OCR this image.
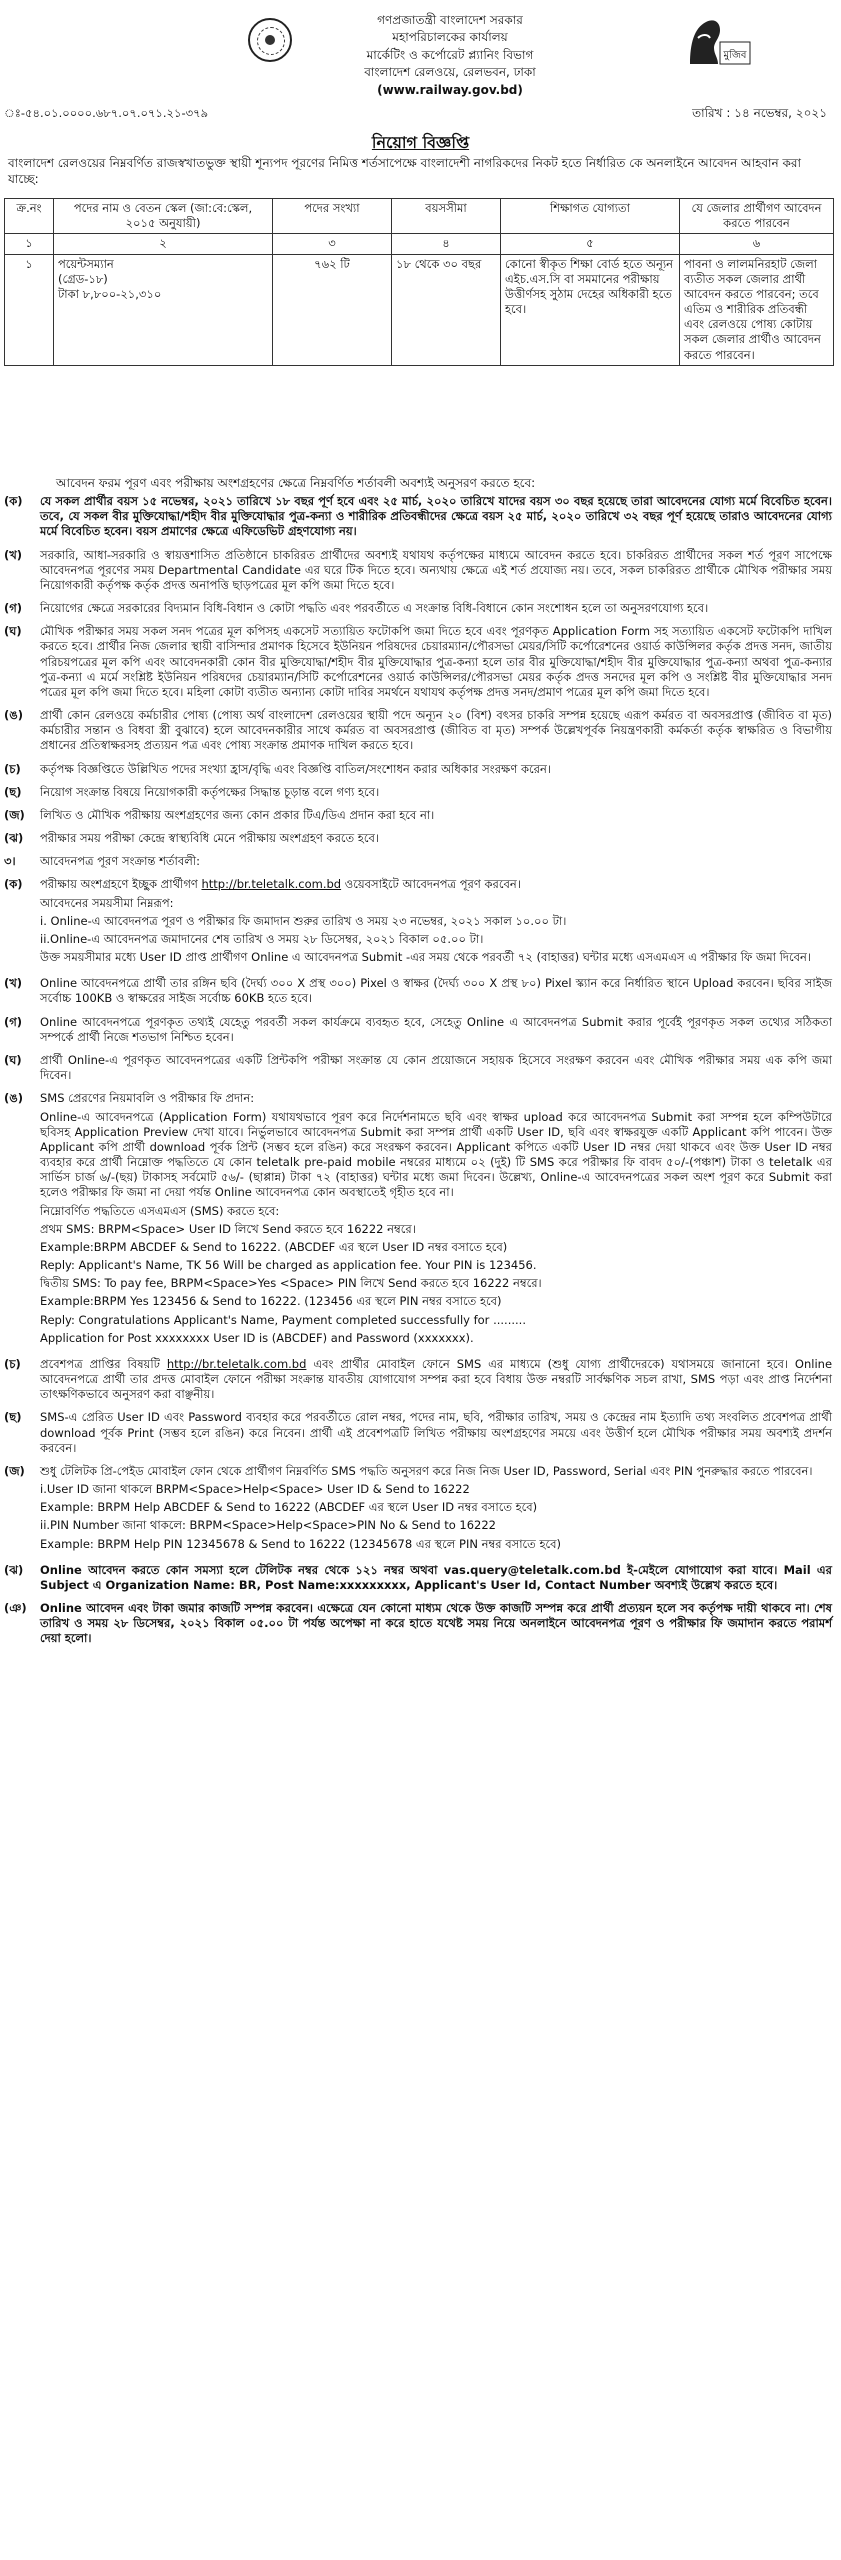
গণপ্রজাতন্ত্রী বাংলাদেশ সরকার
মহাপরিচালকের কার্যালয়
মার্কেটিং ও কর্পোরেট প্ল্যানিং বিভাগ
বাংলাদেশ রেলওয়ে, রেলভবন, ঢাকা
(www.railway.gov.bd)
মুজিব
ঃ-৫৪.০১.০০০০.৬৮৭.০৭.০৭১.২১-৩৭৯	তারিখ : ১৪ নভেম্বর, ২০২১
নিয়োগ বিজ্ঞপ্তি
বাংলাদেশ রেলওয়ের নিম্নবর্ণিত রাজস্বখাতভুক্ত স্থায়ী শূন্যপদ পূরণের নিমিত্ত শর্তসাপেক্ষে বাংলাদেশী নাগরিকদের নিকট হতে নির্ধারিত কে অনলাইনে আবেদন আহবান করা যাচ্ছে:
ক্র.নং	পদের নাম ও বেতন স্কেল (জা:বে:স্কেল, ২০১৫ অনুযায়ী)	পদের সংখ্যা	বয়সসীমা	শিক্ষাগত যোগ্যতা	যে জেলার প্রার্থীগণ আবেদন করতে পারবেন
১	২	৩	৪	৫	৬
১	পয়েন্টসম্যান
(গ্রেড-১৮)
টাকা ৮,৮০০-২১,৩১০	৭৬২ টি	১৮ থেকে ৩০ বছর	কোনো স্বীকৃত শিক্ষা বোর্ড হতে অন্যূন এইচ.এস.সি বা সমমানের পরীক্ষায় উত্তীর্ণসহ সুঠাম দেহের অধিকারী হতে হবে।	পাবনা ও লালমনিরহাট জেলা ব্যতীত সকল জেলার প্রার্থী আবেদন করতে পারবেন; তবে এতিম ও শারীরিক প্রতিবন্ধী এবং রেলওয়ে পোষ্য কোটায় সকল জেলার প্রার্থীও আবেদন করতে পারবেন।
আবেদন ফরম পূরণ এবং পরীক্ষায় অংশগ্রহণের ক্ষেত্রে নিম্নবর্ণিত শর্তাবলী অবশ্যই অনুসরণ করতে হবে:
(ক)	যে সকল প্রার্থীর বয়স ১৫ নভেম্বর, ২০২১ তারিখে ১৮ বছর পূর্ণ হবে এবং ২৫ মার্চ, ২০২০ তারিখে যাদের বয়স ৩০ বছর হয়েছে তারা আবেদনের যোগ্য মর্মে বিবেচিত হবেন। তবে, যে সকল বীর মুক্তিযোদ্ধা/শহীদ বীর মুক্তিযোদ্ধার পুত্র-কন্যা ও শারীরিক প্রতিবন্ধীদের ক্ষেত্রে বয়স ২৫ মার্চ, ২০২০ তারিখে ৩২ বছর পূর্ণ হয়েছে তারাও আবেদনের যোগ্য মর্মে বিবেচিত হবেন। বয়স প্রমাণের ক্ষেত্রে এফিডেভিট গ্রহণযোগ্য নয়।
(খ)	সরকারি, আধা-সরকারি ও স্বায়ত্তশাসিত প্রতিষ্ঠানে চাকরিরত প্রার্থীদের অবশ্যই যথাযথ কর্তৃপক্ষের মাধ্যমে আবেদন করতে হবে। চাকরিরত প্রার্থীদের সকল শর্ত পূরণ সাপেক্ষে আবেদনপত্র পূরণের সময় Departmental Candidate এর ঘরে টিক দিতে হবে। অন্যথায় ক্ষেত্রে এই শর্ত প্রযোজ্য নয়। তবে, সকল চাকরিরত প্রার্থীকে মৌখিক পরীক্ষার সময় নিয়োগকারী কর্তৃপক্ষ কর্তৃক প্রদত্ত অনাপত্তি ছাড়পত্রের মূল কপি জমা দিতে হবে।
(গ)	নিয়োগের ক্ষেত্রে সরকারের বিদ্যমান বিধি-বিধান ও কোটা পদ্ধতি এবং পরবর্তীতে এ সংক্রান্ত বিধি-বিধানে কোন সংশোধন হলে তা অনুসরণযোগ্য হবে।
(ঘ)	মৌখিক পরীক্ষার সময় সকল সনদ পত্রের মূল কপিসহ একসেট সত্যায়িত ফটোকপি জমা দিতে হবে এবং পূরণকৃত Application Form সহ সত্যায়িত একসেট ফটোকপি দাখিল করতে হবে। প্রার্থীর নিজ জেলার স্থায়ী বাসিন্দার প্রমাণক হিসেবে ইউনিয়ন পরিষদের চেয়ারম্যান/পৌরসভা মেয়র/সিটি কর্পোরেশনের ওয়ার্ড কাউন্সিলর কর্তৃক প্রদত্ত সনদ, জাতীয় পরিচয়পত্রের মূল কপি এবং আবেদনকারী কোন বীর মুক্তিযোদ্ধা/শহীদ বীর মুক্তিযোদ্ধার পুত্র-কন্যা হলে তার বীর মুক্তিযোদ্ধা/শহীদ বীর মুক্তিযোদ্ধার পুত্র-কন্যা অথবা পুত্র-কন্যার পুত্র-কন্যা এ মর্মে সংশ্লিষ্ট ইউনিয়ন পরিষদের চেয়ারম্যান/সিটি কর্পোরেশনের ওয়ার্ড কাউন্সিলর/পৌরসভা মেয়র কর্তৃক প্রদত্ত সনদের মূল কপি ও সংশ্লিষ্ট বীর মুক্তিযোদ্ধার সনদ পত্রের মূল কপি জমা দিতে হবে। মহিলা কোটা ব্যতীত অন্যান্য কোটা দাবির সমর্থনে যথাযথ কর্তৃপক্ষ প্রদত্ত সনদ/প্রমাণ পত্রের মূল কপি জমা দিতে হবে।
(ঙ)	প্রার্থী কোন রেলওয়ে কর্মচারীর পোষ্য (পোষ্য অর্থ বাংলাদেশ রেলওয়ের স্থায়ী পদে অন্যূন ২০ (বিশ) বৎসর চাকরি সম্পন্ন হয়েছে এরূপ কর্মরত বা অবসরপ্রাপ্ত (জীবিত বা মৃত) কর্মচারীর সন্তান ও বিধবা স্ত্রী বুঝাবে) হলে আবেদনকারীর সাথে কর্মরত বা অবসরপ্রাপ্ত (জীবিত বা মৃত) সম্পর্ক উল্লেখপূর্বক নিয়ন্ত্রণকারী কর্মকর্তা কর্তৃক স্বাক্ষরিত ও বিভাগীয় প্রধানের প্রতিস্বাক্ষরসহ প্রত্যয়ন পত্র এবং পোষ্য সংক্রান্ত প্রমাণক দাখিল করতে হবে।
(চ)	কর্তৃপক্ষ বিজ্ঞপ্তিতে উল্লিখিত পদের সংখ্যা হ্রাস/বৃদ্ধি এবং বিজ্ঞপ্তি বাতিল/সংশোধন করার অধিকার সংরক্ষণ করেন।
(ছ)	নিয়োগ সংক্রান্ত বিষয়ে নিয়োগকারী কর্তৃপক্ষের সিদ্ধান্ত চূড়ান্ত বলে গণ্য হবে।
(জ)	লিখিত ও মৌখিক পরীক্ষায় অংশগ্রহণের জন্য কোন প্রকার টিএ/ডিএ প্রদান করা হবে না।
(ঝ)	পরীক্ষার সময় পরীক্ষা কেন্দ্রে স্বাস্থ্যবিধি মেনে পরীক্ষায় অংশগ্রহণ করতে হবে।
৩।	আবেদনপত্র পূরণ সংক্রান্ত শর্তাবলী:
(ক)	পরীক্ষায় অংশগ্রহণে ইচ্ছুক প্রার্থীগণ http://br.teletalk.com.bd ওয়েবসাইটে আবেদনপত্র পূরণ করবেন।

আবেদনের সময়সীমা নিম্নরূপ:

i. Online-এ আবেদনপত্র পূরণ ও পরীক্ষার ফি জমাদান শুরুর তারিখ ও সময় ২৩ নভেম্বর, ২০২১ সকাল ১০.০০ টা।

ii.Online-এ আবেদনপত্র জমাদানের শেষ তারিখ ও সময় ২৮ ডিসেম্বর, ২০২১ বিকাল ০৫.০০ টা।

উক্ত সময়সীমার মধ্যে User ID প্রাপ্ত প্রার্থীগণ Online এ আবেদনপত্র Submit -এর সময় থেকে পরবর্তী ৭২ (বাহাত্তর) ঘন্টার মধ্যে এসএমএস এ পরীক্ষার ফি জমা দিবেন।

(খ)	Online আবেদনপত্রে প্রার্থী তার রঙ্গিন ছবি (দৈর্ঘ্য ৩০০ X প্রস্থ ৩০০) Pixel ও স্বাক্ষর (দৈর্ঘ্য ৩০০ X প্রস্থ ৮০) Pixel স্ক্যান করে নির্ধারিত স্থানে Upload করবেন। ছবির সাইজ সর্বোচ্চ 100KB ও স্বাক্ষরের সাইজ সর্বোচ্চ 60KB হতে হবে।
(গ)	Online আবেদনপত্রে পূরণকৃত তথ্যই যেহেতু পরবর্তী সকল কার্যক্রমে ব্যবহৃত হবে, সেহেতু Online এ আবেদনপত্র Submit করার পূর্বেই পূরণকৃত সকল তথ্যের সঠিকতা সম্পর্কে প্রার্থী নিজে শতভাগ নিশ্চিত হবেন।
(ঘ)	প্রার্থী Online-এ পূরণকৃত আবেদনপত্রের একটি প্রিন্টকপি পরীক্ষা সংক্রান্ত যে কোন প্রয়োজনে সহায়ক হিসেবে সংরক্ষণ করবেন এবং মৌখিক পরীক্ষার সময় এক কপি জমা দিবেন।
(ঙ)	SMS প্রেরণের নিয়মাবলি ও পরীক্ষার ফি প্রদান:

Online-এ আবেদনপত্রে (Application Form) যথাযথভাবে পূরণ করে নির্দেশনামতে ছবি এবং স্বাক্ষর upload করে আবেদনপত্র Submit করা সম্পন্ন হলে কম্পিউটারে ছবিসহ Application Preview দেখা যাবে। নির্ভুলভাবে আবেদনপত্র Submit করা সম্পন্ন প্রার্থী একটি User ID, ছবি এবং স্বাক্ষরযুক্ত একটি Applicant কপি পাবেন। উক্ত Applicant কপি প্রার্থী download পূর্বক প্রিন্ট (সম্ভব হলে রঙিন) করে সংরক্ষণ করবেন। Applicant কপিতে একটি User ID নম্বর দেয়া থাকবে এবং উক্ত User ID নম্বর ব্যবহার করে প্রার্থী নিম্নোক্ত পদ্ধতিতে যে কোন teletalk pre-paid mobile নম্বরের মাধ্যমে ০২ (দুই) টি SMS করে পরীক্ষার ফি বাবদ ৫০/-(পঞ্চাশ) টাকা ও teletalk এর সার্ভিস চার্জ ৬/-(ছয়) টাকাসহ সর্বমোট ৫৬/- (ছাপ্পান্ন) টাকা ৭২ (বাহাত্তর) ঘন্টার মধ্যে জমা দিবেন। উল্লেখ্য, Online-এ আবেদনপত্রের সকল অংশ পূরণ করে Submit করা হলেও পরীক্ষার ফি জমা না দেয়া পর্যন্ত Online আবেদনপত্র কোন অবস্থাতেই গৃহীত হবে না।

নিম্নোবর্ণিত পদ্ধতিতে এসএমএস (SMS) করতে হবে:

প্রথম SMS: BRPM<Space> User ID লিখে Send করতে হবে 16222 নম্বরে।

Example:BRPM ABCDEF & Send to 16222. (ABCDEF এর স্থলে User ID নম্বর বসাতে হবে)

Reply: Applicant's Name, TK 56 Will be charged as application fee. Your PIN is 123456.

দ্বিতীয় SMS: To pay fee, BRPM<Space>Yes <Space> PIN লিখে Send করতে হবে 16222 নম্বরে।

Example:BRPM Yes 123456 & Send to 16222. (123456 এর স্থলে PIN নম্বর বসাতে হবে)

Reply: Congratulations Applicant's Name, Payment completed successfully for .........

Application for Post xxxxxxxx User ID is (ABCDEF) and Password (xxxxxxx).

(চ)	প্রবেশপত্র প্রাপ্তির বিষয়টি http://br.teletalk.com.bd এবং প্রার্থীর মোবাইল ফোনে SMS এর মাধ্যমে (শুধু যোগ্য প্রার্থীদেরকে) যথাসময়ে জানানো হবে। Online আবেদনপত্রে প্রার্থী তার প্রদত্ত মোবাইল ফোনে পরীক্ষা সংক্রান্ত যাবতীয় যোগাযোগ সম্পন্ন করা হবে বিধায় উক্ত নম্বরটি সার্বক্ষণিক সচল রাখা, SMS পড়া এবং প্রাপ্ত নির্দেশনা তাৎক্ষণিকভাবে অনুসরণ করা বাঞ্ছনীয়।
(ছ)	SMS-এ প্রেরিত User ID এবং Password ব্যবহার করে পরবর্তীতে রোল নম্বর, পদের নাম, ছবি, পরীক্ষার তারিখ, সময় ও কেন্দ্রের নাম ইত্যাদি তথ্য সংবলিত প্রবেশপত্র প্রার্থী download পূর্বক Print (সম্ভব হলে রঙিন) করে নিবেন। প্রার্থী এই প্রবেশপত্রটি লিখিত পরীক্ষায় অংশগ্রহণের সময়ে এবং উত্তীর্ণ হলে মৌখিক পরীক্ষার সময় অবশ্যই প্রদর্শন করবেন।
(জ)	শুধু টেলিটক প্রি-পেইড মোবাইল ফোন থেকে প্রার্থীগণ নিম্নবর্ণিত SMS পদ্ধতি অনুসরণ করে নিজ নিজ User ID, Password, Serial এবং PIN পুনরুদ্ধার করতে পারবেন।

i.User ID জানা থাকলে BRPM<Space>Help<Space> User ID & Send to 16222

Example: BRPM Help ABCDEF & Send to 16222 (ABCDEF এর স্থলে User ID নম্বর বসাতে হবে)

ii.PIN Number জানা থাকলে: BRPM<Space>Help<Space>PIN No & Send to 16222

Example: BRPM Help PIN 12345678 & Send to 16222 (12345678 এর স্থলে PIN নম্বর বসাতে হবে)

(ঝ)	Online আবেদন করতে কোন সমস্যা হলে টেলিটক নম্বর থেকে ১২১ নম্বর অথবা vas.query@teletalk.com.bd ই-মেইলে যোগাযোগ করা যাবে। Mail এর Subject এ Organization Name: BR, Post Name:xxxxxxxxx, Applicant's User Id, Contact Number অবশ্যই উল্লেখ করতে হবে।
(ঞ)	Online আবেদন এবং টাকা জমার কাজটি সম্পন্ন করবেন। এক্ষেত্রে যেন কোনো মাধ্যম থেকে উক্ত কাজটি সম্পন্ন করে প্রার্থী প্রত্যয়ন হলে সব কর্তৃপক্ষ দায়ী থাকবে না। শেষ তারিখ ও সময় ২৮ ডিসেম্বর, ২০২১ বিকাল ০৫.০০ টা পর্যন্ত অপেক্ষা না করে হাতে যথেষ্ট সময় নিয়ে অনলাইনে আবেদনপত্র পূরণ ও পরীক্ষার ফি জমাদান করতে পরামর্শ দেয়া হলো।
